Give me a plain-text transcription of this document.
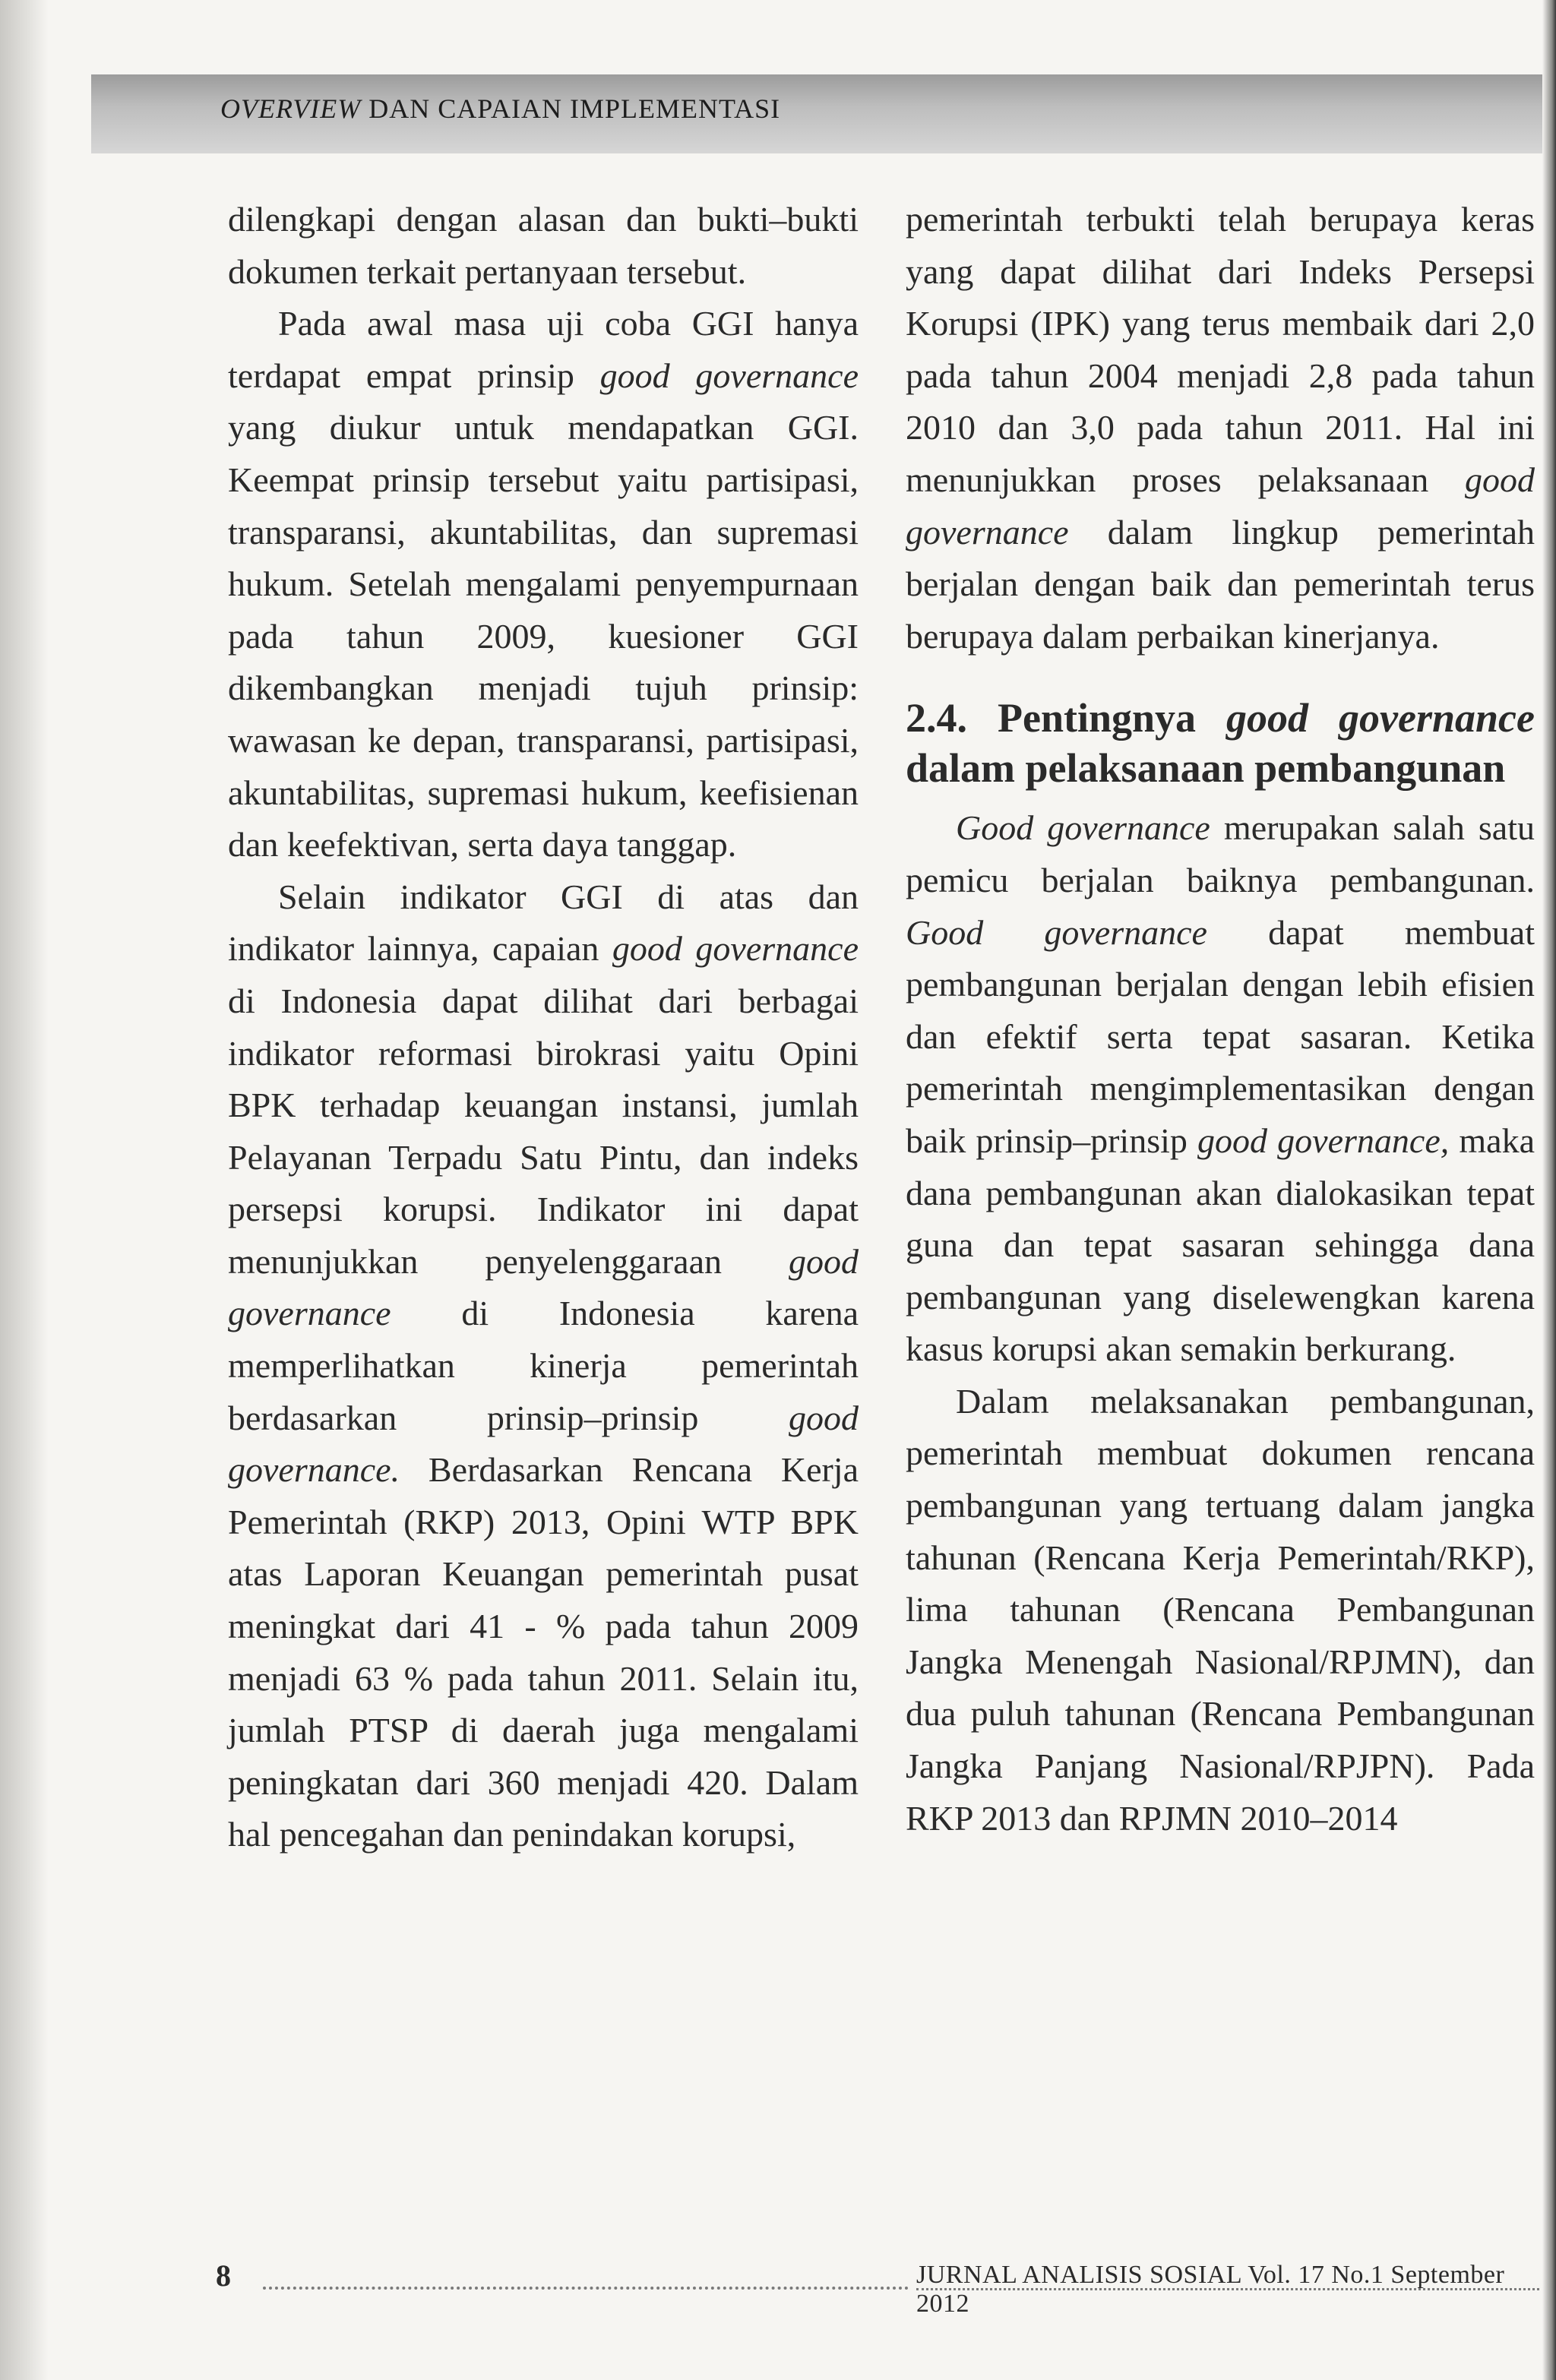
OVERVIEW DAN CAPAIAN IMPLEMENTASI

dilengkapi dengan alasan dan bukti–bukti dokumen terkait pertanyaan tersebut.

Pada awal masa uji coba GGI hanya terdapat empat prinsip good governance yang diukur untuk mendapatkan GGI. Keempat prinsip tersebut yaitu partisipasi, transparansi, akuntabilitas, dan supremasi hukum. Setelah mengalami penyempurnaan pada tahun 2009, kuesioner GGI dikembangkan menjadi tujuh prinsip: wawasan ke depan, transparansi, partisipasi, akuntabilitas, supremasi hukum, keefisienan dan keefektivan, serta daya tanggap.

Selain indikator GGI di atas dan indikator lainnya, capaian good governance di Indonesia dapat dilihat dari berbagai indikator reformasi birokrasi yaitu Opini BPK terhadap keuangan instansi, jumlah Pelayanan Terpadu Satu Pintu, dan indeks persepsi korupsi. Indikator ini dapat menunjukkan penyelenggaraan good governance di Indonesia karena memperlihatkan kinerja pemerintah berdasarkan prinsip–prinsip good governance. Berdasarkan Rencana Kerja Pemerintah (RKP) 2013, Opini WTP BPK atas Laporan Keuangan pemerintah pusat meningkat dari 41 - % pada tahun 2009 menjadi 63 % pada tahun 2011. Selain itu, jumlah PTSP di daerah juga mengalami peningkatan dari 360 menjadi 420. Dalam hal pencegahan dan penindakan korupsi,

pemerintah terbukti telah berupaya keras yang dapat dilihat dari Indeks Persepsi Korupsi (IPK) yang terus membaik dari 2,0 pada tahun 2004 menjadi 2,8 pada tahun 2010 dan 3,0 pada tahun 2011. Hal ini menunjukkan proses pelaksanaan good governance dalam lingkup pemerintah berjalan dengan baik dan pemerintah terus berupaya dalam perbaikan kinerjanya.

2.4. Pentingnya good governance dalam pelaksanaan pembangunan

Good governance merupakan salah satu pemicu berjalan baiknya pembangunan. Good governance dapat membuat pembangunan berjalan dengan lebih efisien dan efektif serta tepat sasaran. Ketika pemerintah mengimplementasikan dengan baik prinsip–prinsip good governance, maka dana pembangunan akan dialokasikan tepat guna dan tepat sasaran sehingga dana pembangunan yang diselewengkan karena kasus korupsi akan semakin berkurang.

Dalam melaksanakan pembangunan, pemerintah membuat dokumen rencana pembangunan yang tertuang dalam jangka tahunan (Rencana Kerja Pemerintah/RKP), lima tahunan (Rencana Pembangunan Jangka Menengah Nasional/RPJMN), dan dua puluh tahunan (Rencana Pembangunan Jangka Panjang Nasional/RPJPN). Pada RKP 2013 dan RPJMN 2010–2014

8	JURNAL ANALISIS SOSIAL Vol. 17 No.1 September 2012
